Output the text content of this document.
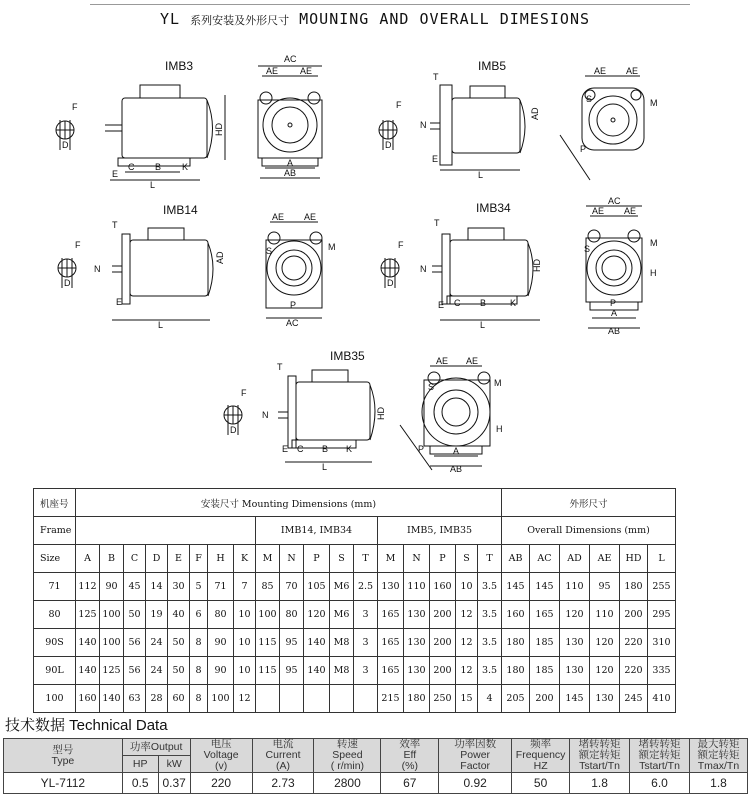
YL 系列安装及外形尺寸 MOUNING AND OVERALL DIMESIONS
IMB3
F
D
HD
E
C B K
L
AC
AE AE
A
AB
IMB5
F
D
T
N
E
L
AD
AE AE
P
S	M
IMB14
F
D
T
N
E
L
AD
AE AE
S	M
P
AC
IMB34
F
D
T
N
E C B	K
L
HD
AC
AE AE
H
S
M
P
A
AB
IMB35
F
D
T
N
E C B K
L
HD
AE AE
H
S	M
P	A
AB
机座号	安装尺寸 Mounting Dimensions (mm)																		外形尺寸					
Frame									IMB14, IMB34					IMB5, IMB35					Overall Dimensions (mm)					
Size	A	B	C	D	E	F	H	K	M	N	P	S	T	M	N	P	S	T	AB	AC	AD	AE	HD	L
71	112	90	45	14	30	5	71	7	85	70	105	M6	2.5	130	110	160	10	3.5	145	145	110	95	180	255
80	125	100	50	19	40	6	80	10	100	80	120	M6	3	165	130	200	12	3.5	160	165	120	110	200	295
90S	140	100	56	24	50	8	90	10	115	95	140	M8	3	165	130	200	12	3.5	180	185	130	120	220	310
90L	140	125	56	24	50	8	90	10	115	95	140	M8	3	165	130	200	12	3.5	180	185	130	120	220	335
100	160	140	63	28	60	8	100	12						215	180	250	15	4	205	200	145	130	245	410
技术数据 Technical Data
型号
Type	功率Output		电压
Voltage
(v)	电流
Current
(A)	转速
Speed
( r/min)	效率
Eff
(%)	功率因数
Power
Factor	频率
Frequency
HZ	堵转转矩
额定转矩
Tstart/Tn	堵转转矩
额定转矩
Tstart/Tn	最大转矩
额定转矩
Tmax/Tn
	HP	kW									
YL-7112	0.5	0.37	220	2.73	2800	67	0.92	50	1.8	6.0	1.8
